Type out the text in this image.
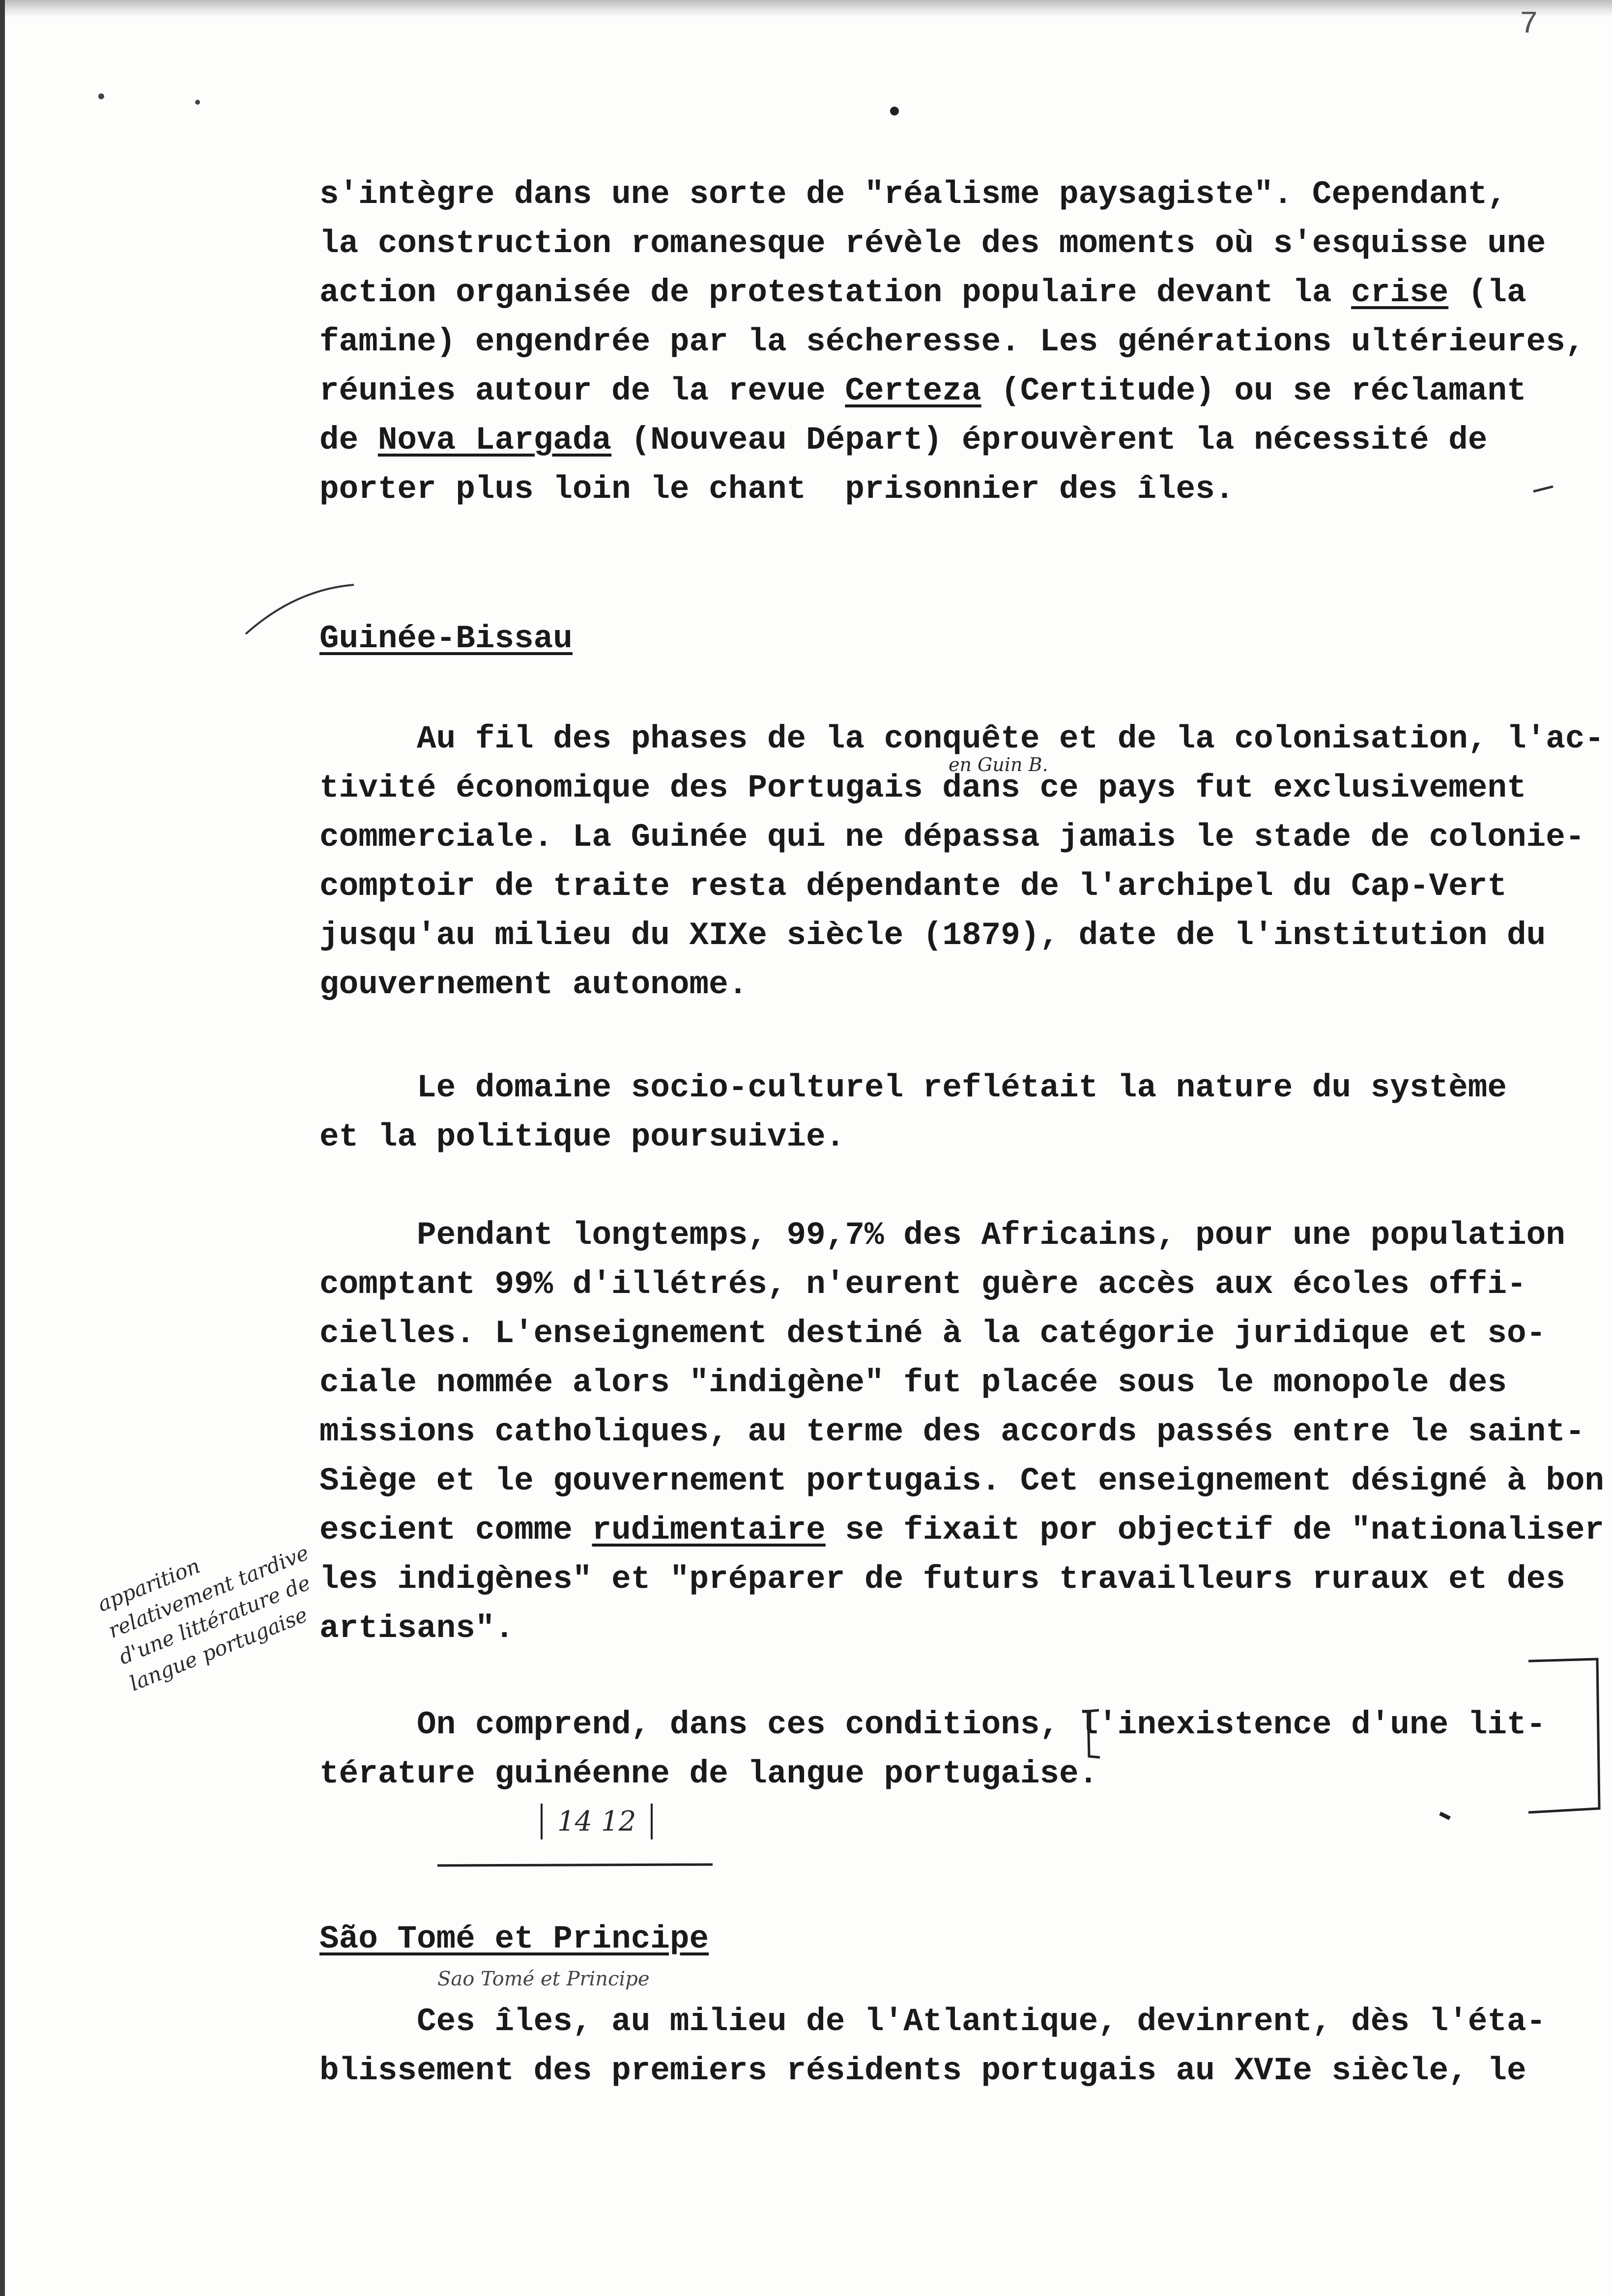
7
s'intègre dans une sorte de "réalisme paysagiste". Cependant,
la construction romanesque révèle des moments où s'esquisse une
action organisée de protestation populaire devant la crise (la
famine) engendrée par la sécheresse. Les générations ultérieures,
réunies autour de la revue Certeza (Certitude) ou se réclamant
de Nova Largada (Nouveau Départ) éprouvèrent la nécessité de
porter plus loin le chant  prisonnier des îles.
Guinée-Bissau
Au fil des phases de la conquête et de la colonisation, l'ac-
tivité économique des Portugais dans ce pays fut exclusivement
commerciale. La Guinée qui ne dépassa jamais le stade de colonie-
comptoir de traite resta dépendante de l'archipel du Cap-Vert
jusqu'au milieu du XIXe siècle (1879), date de l'institution du
gouvernement autonome.
Le domaine socio-culturel reflétait la nature du système
et la politique poursuivie.
Pendant longtemps, 99,7% des Africains, pour une population
comptant 99% d'illétrés, n'eurent guère accès aux écoles offi-
cielles. L'enseignement destiné à la catégorie juridique et so-
ciale nommée alors "indigène" fut placée sous le monopole des
missions catholiques, au terme des accords passés entre le saint-
Siège et le gouvernement portugais. Cet enseignement désigné à bon
escient comme rudimentaire se fixait por objectif de "nationaliser
les indigènes" et "préparer de futurs travailleurs ruraux et des
artisans".
On comprend, dans ces conditions, l'inexistence d'une lit-
térature guinéenne de langue portugaise.
14 12
São Tomé et Principe
Sao Tomé et Principe
Ces îles, au milieu de l'Atlantique, devinrent, dès l'éta-
blissement des premiers résidents portugais au XVIe siècle, le
en Guin B.
apparition relativement tardive d'une littérature de langue portugaise
